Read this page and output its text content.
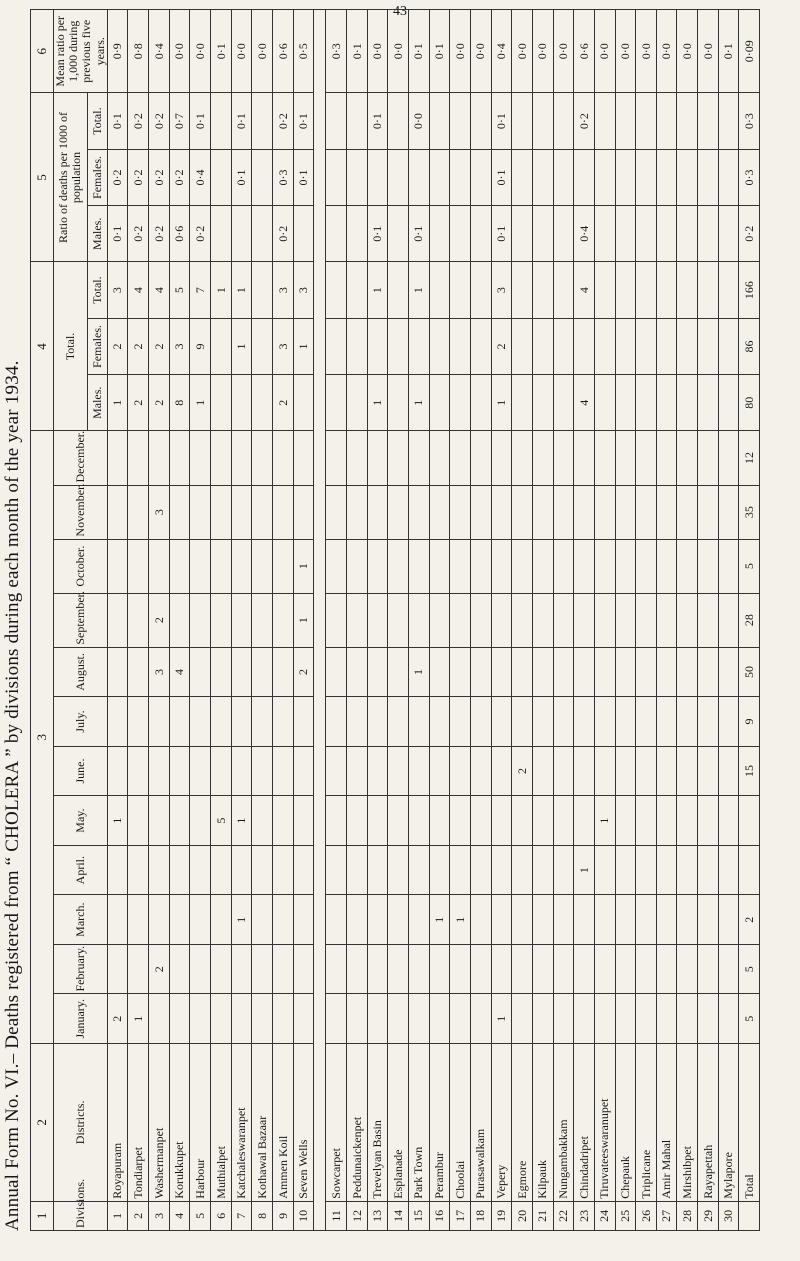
43
Annual Form No. VI.– Deaths registered from “ CHOLERA ” by divisions during each month of the year 1934. 1	2	3												4			5			6
Divisions.	Districts.	January.	February.	March.	April.	May.	June.	July.	August.	September.	October.	November.	December.	Total.			Ratio of deaths per 1000 of population			Mean ratio per 1,000 during previous five years.
														Males.	Females.	Total.	Males.	Females.	Total.	
1	Royapuram	2				1								1	2	3	0·1	0·2	0·1	0·9
2	Tondiarpet	1												2	2	4	0·2	0·2	0·2	0·8
3	Washermanpet		2						3	2		3		2	2	4	0·2	0·2	0·2	0·4
4	Korukkupet								4					8	3	5	0·6	0·2	0·7	0·0
5	Harbour													1	9	7	0·2	0·4	0·1	0·0
6	Muthialpet					5										1				0·1
7	Katchaleswaranpet			1		1									1	1		0·1	0·1	0·0
8	Kothawal Bazaar																			0·0
9	Ammen Koil													2	3	3	0·2	0·3	0·2	0·6
10	Seven Wells								2	1	1				1	3		0·1	0·1	0·5

11	Sowcarpet																			0·3
12	Peddunaickenpet																			0·1
13	Trevelyan Basin													1		1	0·1		0·1	0·0
14	Esplanade																			0·0
15	Park Town								1					1		1	0·1		0·0	0·1
16	Perambur			1																0·1
17	Choolai			1																0·0
18	Purasawalkam																			0·0
19	Vepery	1												1	2	3	0·1	0·1	0·1	0·4
20	Egmore						2													0·0
21	Kilpauk																			0·0
22	Nungambakkam																			0·0
23	Chindadripet				1									4		4	0·4		0·2	0·6
24	Tiruvateeswaranupet					1														0·0
25	Chepauk																			0·0
26	Triplicane																			0·0
27	Amir Mahal																			0·0
28	Mirshibpet																			0·0
29	Rayapettah																			0·0
30	Mylapore																			0·1
	Total	5	5	2			15	9	50	28	5	35	12	80	86	166	0·2	0·3	0·3	0·09
